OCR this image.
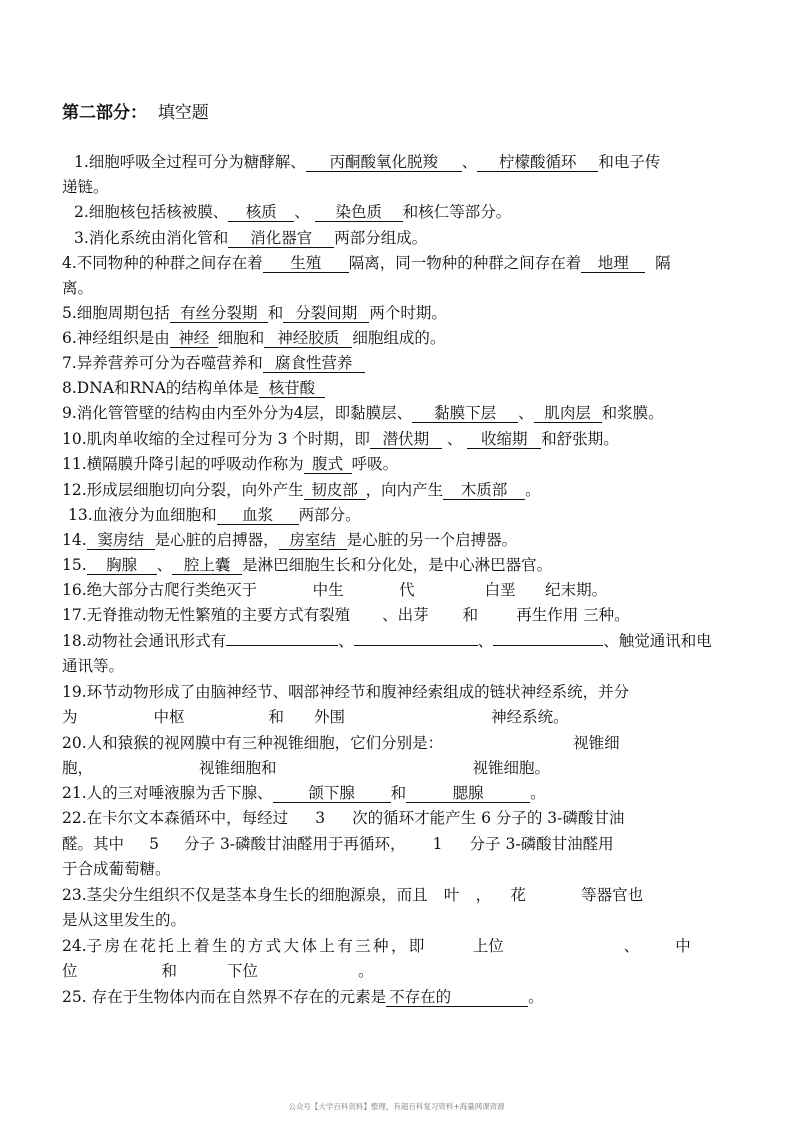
第二部分： 填空题
1.细胞呼吸全过程可分为糖酵解、 丙酮酸氧化脱羧 、 柠檬酸循环 和电子传
递链。
2.细胞核包括核被膜、 核质 、 染色质 和核仁等部分。
3.消化系统由消化管和 消化器官 两部分组成。
4.不同物种的种群之间存在着 生殖 隔离，同一物种的种群之间存在着 地理 隔
离。
5.细胞周期包括 有丝分裂期 和 分裂间期 两个时期。
6.神经组织是由 神经 细胞和 神经胶质 细胞组成的。
7.异养营养可分为吞噬营养和 腐食性营养
8.DNA和RNA的结构单体是 核苷酸
9.消化管管壁的结构由内至外分为4层，即黏膜层、 黏膜下层 、 肌肉层 和浆膜。
10.肌肉单收缩的全过程可分为 3 个时期，即 潜伏期 、 收缩期 和舒张期。
11.横隔膜升降引起的呼吸动作称为 腹式 呼吸。
12.形成层细胞切向分裂，向外产生 韧皮部 ，向内产生 木质部 。
13.血液分为血细胞和 血浆 两部分。
14. 窦房结 是心脏的启搏器， 房室结 是心脏的另一个启搏器。
15. 胸腺 、 腔上囊 是淋巴细胞生长和分化处，是中心淋巴器官。
16.绝大部分古爬行类绝灭于	中生	代	白垩 纪末期。
17.无脊推动物无性繁殖的主要方式有裂殖 、出芽 和 再生作用 三种。
18.动物社会通讯形式有	、	、	、触觉通讯和电
通讯等。
19.环节动物形成了由脑神经节、咽部神经节和腹神经索组成的链状神经系统，并分
为	中枢	和 外围	神经系统。
20.人和猿猴的视网膜中有三种视锥细胞，它们分别是：	视锥细
胞，	视锥细胞和	视锥细胞。
21.人的三对唾液腺为舌下腺、 颌下腺 和	腮腺	。
22.在卡尔文本森循环中，每经过 3 次的循环才能产生 6 分子的 3-磷酸甘油
醛。其中 5 分子 3-磷酸甘油醛用于再循环， 1 分子 3-磷酸甘油醛用
于合成葡萄糖。
23.茎尖分生组织不仅是茎本身生长的细胞源泉，而且 叶 ， 花	等器官也
是从这里发生的。
24.子房在花托上着生的方式大体上有三种，即	上位	、 中
位	和	下位	。
25. 存在于生物体内而在自然界不存在的元素是 不存在的	。
公众号【大学百科资料】整理，有超百科复习资料+海量网课资源
